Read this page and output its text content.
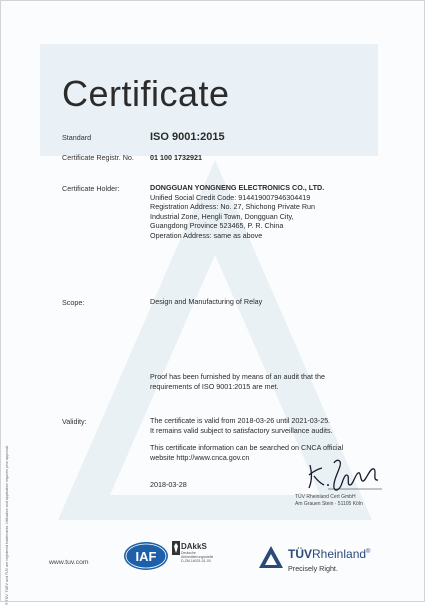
Certificate
Standard	ISO 9001:2015
Certificate Registr. No. 01 100 1732921
Certificate Holder:	DONGGUAN YONGNENG ELECTRONICS CO., LTD.
Unified Social Credit Code: 914419007946304419
Registration Address: No. 27, Shichong Private Run
Industrial Zone, Hengli Town, Dongguan City,
Guangdong Province 523465, P. R. China
Operation Address: same as above
Scope:	Design and Manufacturing of Relay
Proof has been furnished by means of an audit that the
requirements of ISO 9001:2015 are met.
Validity:	The certificate is valid from 2018-03-26 until 2021-03-25.
It remains valid subject to satisfactory surveillance audits.
This certificate information can be searched on CNCA official
website http://www.cnca.gov.cn
2018-03-28
TÜV Rheinland Cert GmbH
Am Grauen Stein · 51105 Köln
® TÜV, TUEV and TUV are registered trademarks. Utilisation and application requires prior approval.	www.tuv.com	IAF
DAkkS
Deutsche
Akkreditierungsstelle
D-ZM-16031-01-00	TÜVRheinland®
Precisely Right.
